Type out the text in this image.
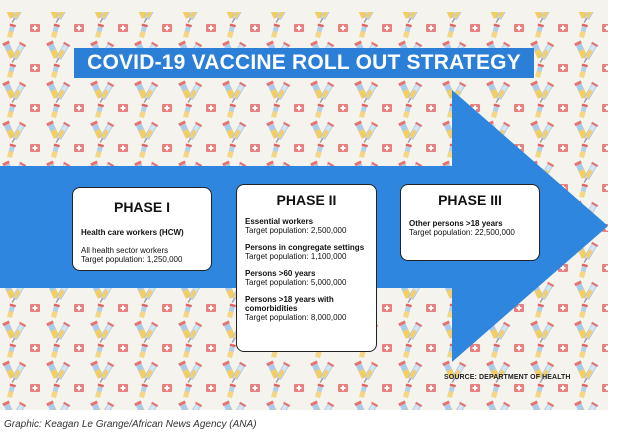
COVID-19 VACCINE ROLL OUT STRATEGY
PHASE I
Health care workers (HCW)
All health sector workers
Target population: 1,250,000
PHASE II
Essential workers
Target population: 2,500,000
Persons in congregate settings
Target population: 1,100,000
Persons >60 years
Target population: 5,000,000
Persons >18 years with comorbidities
Target population: 8,000,000
PHASE III
Other persons >18 years
Target population: 22,500,000
SOURCE: DEPARTMENT OF HEALTH
Graphic: Keagan Le Grange/African News Agency (ANA)
